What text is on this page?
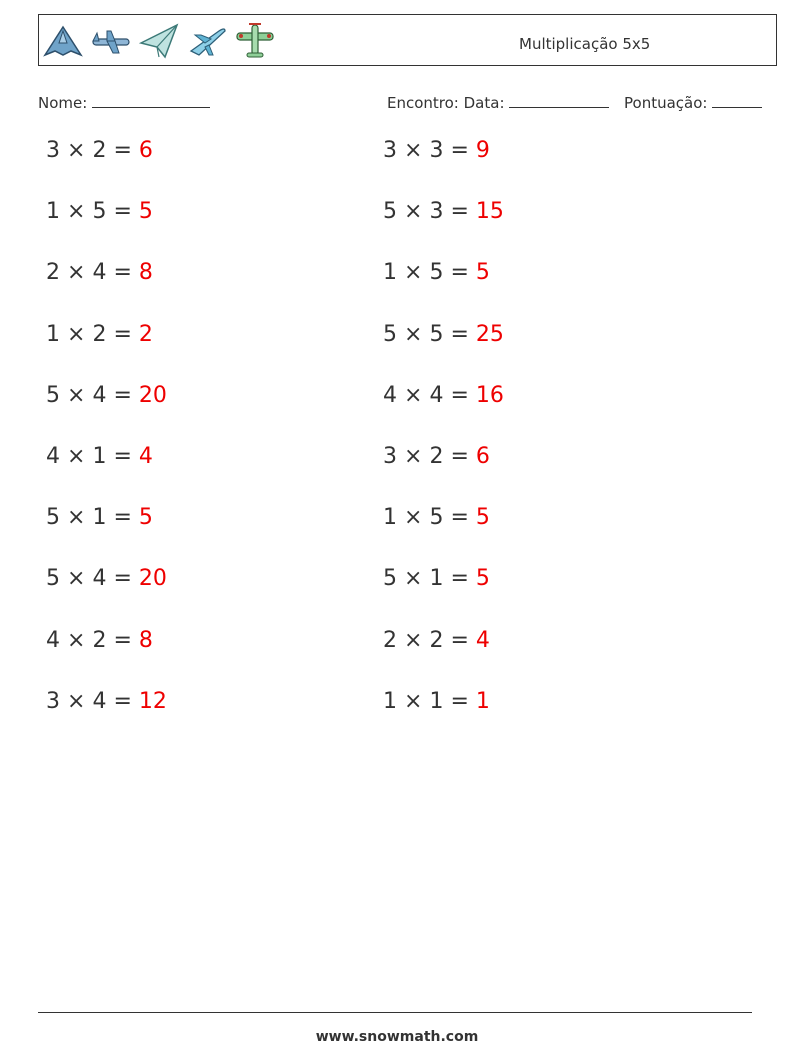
Multiplicação 5x5
Nome:	Encontro: Data:	Pontuação:
3 × 2 = 6	3 × 3 = 9
1 × 5 = 5	5 × 3 = 15
2 × 4 = 8	1 × 5 = 5
1 × 2 = 2	5 × 5 = 25
5 × 4 = 20	4 × 4 = 16
4 × 1 = 4	3 × 2 = 6
5 × 1 = 5	1 × 5 = 5
5 × 4 = 20	5 × 1 = 5
4 × 2 = 8	2 × 2 = 4
3 × 4 = 12	1 × 1 = 1
www.snowmath.com
